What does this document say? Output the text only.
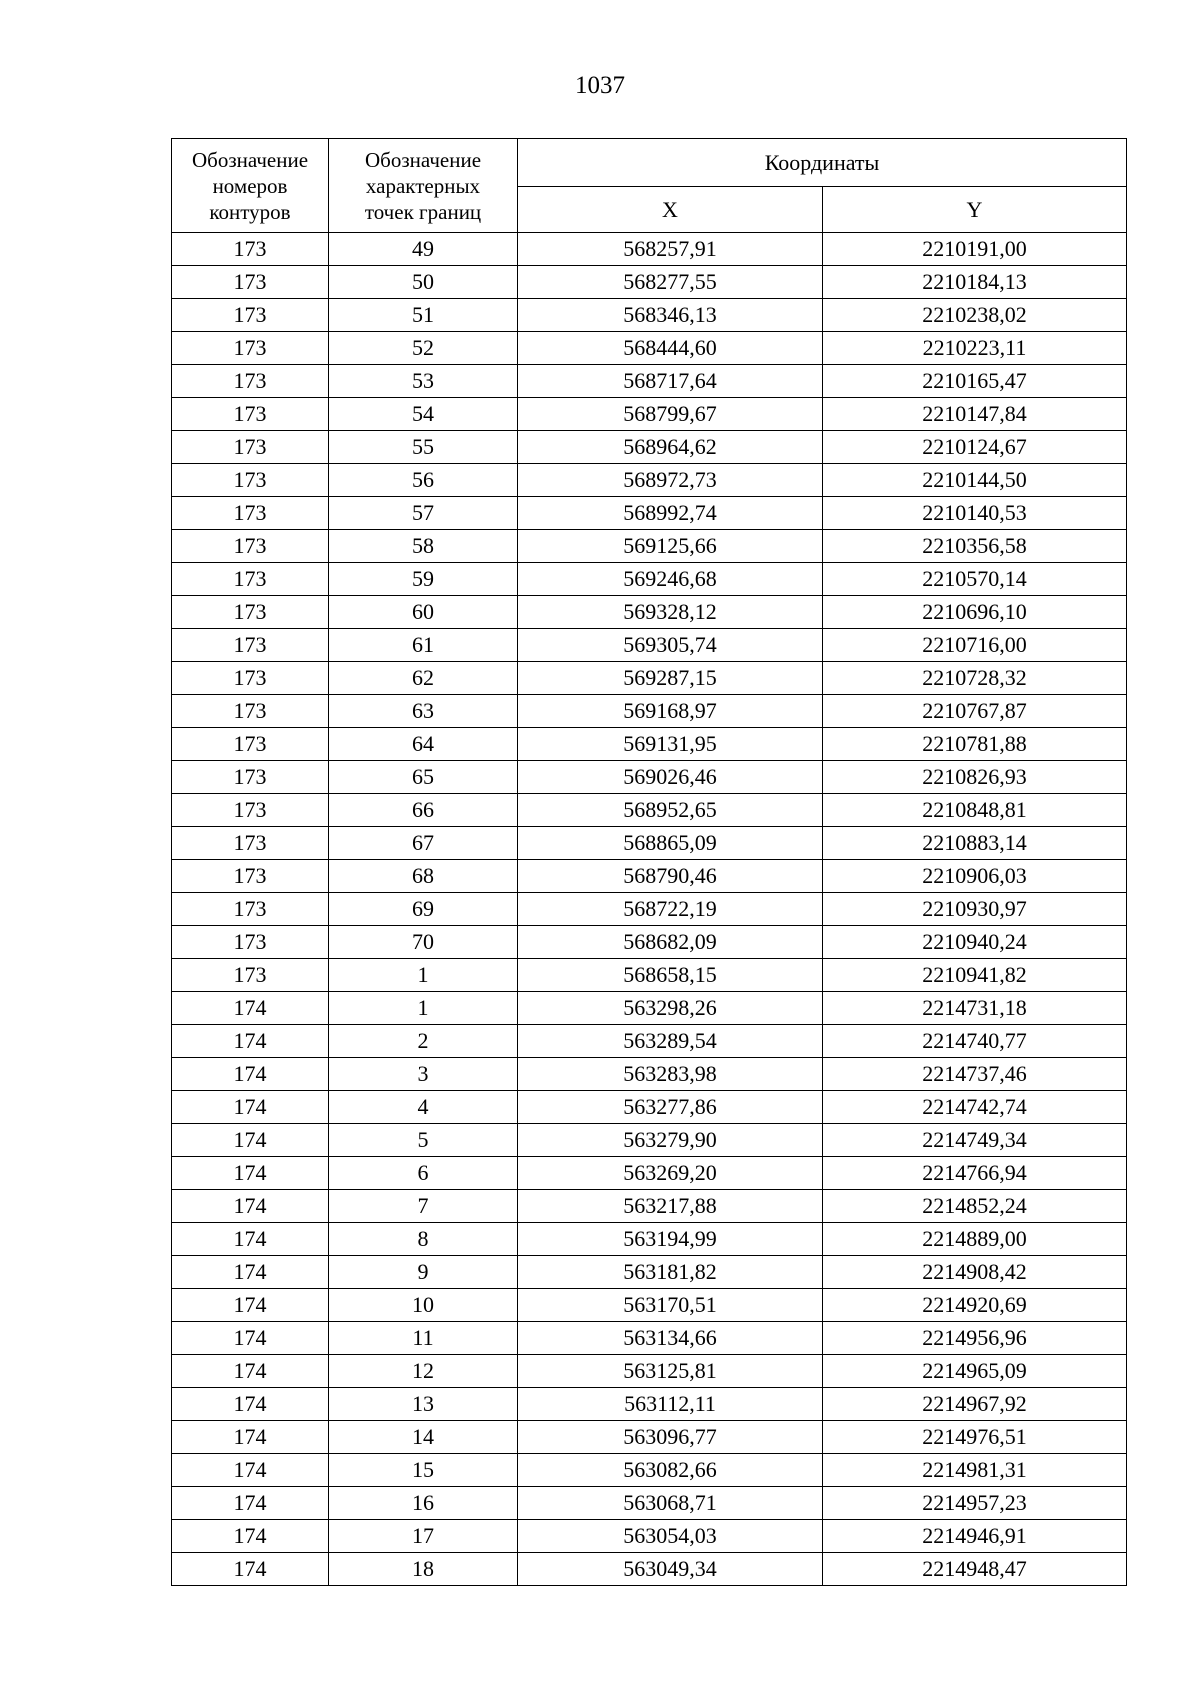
1037
Обозначение
номеров
контуров	Обозначение
характерных
точек границ	Координаты	
		X	Y
173	49	568257,91	2210191,00
173	50	568277,55	2210184,13
173	51	568346,13	2210238,02
173	52	568444,60	2210223,11
173	53	568717,64	2210165,47
173	54	568799,67	2210147,84
173	55	568964,62	2210124,67
173	56	568972,73	2210144,50
173	57	568992,74	2210140,53
173	58	569125,66	2210356,58
173	59	569246,68	2210570,14
173	60	569328,12	2210696,10
173	61	569305,74	2210716,00
173	62	569287,15	2210728,32
173	63	569168,97	2210767,87
173	64	569131,95	2210781,88
173	65	569026,46	2210826,93
173	66	568952,65	2210848,81
173	67	568865,09	2210883,14
173	68	568790,46	2210906,03
173	69	568722,19	2210930,97
173	70	568682,09	2210940,24
173	1	568658,15	2210941,82
174	1	563298,26	2214731,18
174	2	563289,54	2214740,77
174	3	563283,98	2214737,46
174	4	563277,86	2214742,74
174	5	563279,90	2214749,34
174	6	563269,20	2214766,94
174	7	563217,88	2214852,24
174	8	563194,99	2214889,00
174	9	563181,82	2214908,42
174	10	563170,51	2214920,69
174	11	563134,66	2214956,96
174	12	563125,81	2214965,09
174	13	563112,11	2214967,92
174	14	563096,77	2214976,51
174	15	563082,66	2214981,31
174	16	563068,71	2214957,23
174	17	563054,03	2214946,91
174	18	563049,34	2214948,47
